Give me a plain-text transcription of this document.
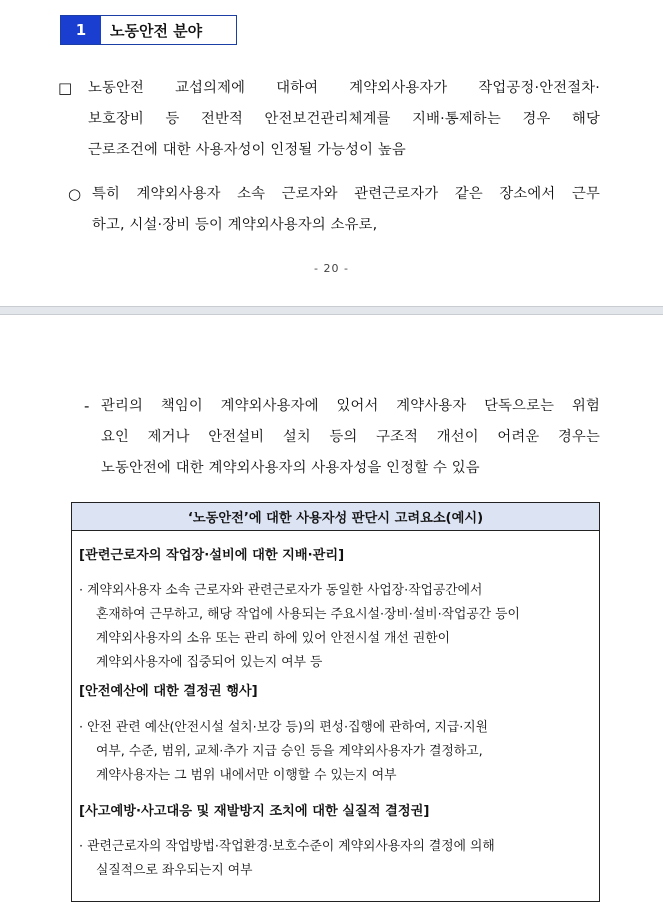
1	노동안전 분야
□ 노동안전 교섭의제에 대하여 계약외사용자가 작업공정·안전절차·
보호장비 등 전반적 안전보건관리체계를 지배·통제하는 경우 해당
근로조건에 대한 사용자성이 인정될 가능성이 높음
○ 특히 계약외사용자 소속 근로자와 관련근로자가 같은 장소에서 근무
하고, 시설·장비 등이 계약외사용자의 소유로,
- 20 -
- 관리의 책임이 계약외사용자에 있어서 계약사용자 단독으로는 위험
요인 제거나 안전설비 설치 등의 구조적 개선이 어려운 경우는
노동안전에 대한 계약외사용자의 사용자성을 인정할 수 있음
‘노동안전’에 대한 사용자성 판단시 고려요소(예시)
[관련근로자의 작업장·설비에 대한 지배·관리]
· 계약외사용자 소속 근로자와 관련근로자가 동일한 사업장·작업공간에서
혼재하여 근무하고, 해당 작업에 사용되는 주요시설·장비·설비·작업공간 등이
계약외사용자의 소유 또는 관리 하에 있어 안전시설 개선 권한이
계약외사용자에 집중되어 있는지 여부 등
[안전예산에 대한 결정권 행사]
· 안전 관련 예산(안전시설 설치·보강 등)의 편성·집행에 관하여, 지급·지원
여부, 수준, 범위, 교체·추가 지급 승인 등을 계약외사용자가 결정하고,
계약사용자는 그 범위 내에서만 이행할 수 있는지 여부
[사고예방·사고대응 및 재발방지 조치에 대한 실질적 결정권]
· 관련근로자의 작업방법·작업환경·보호수준이 계약외사용자의 결정에 의해
실질적으로 좌우되는지 여부
